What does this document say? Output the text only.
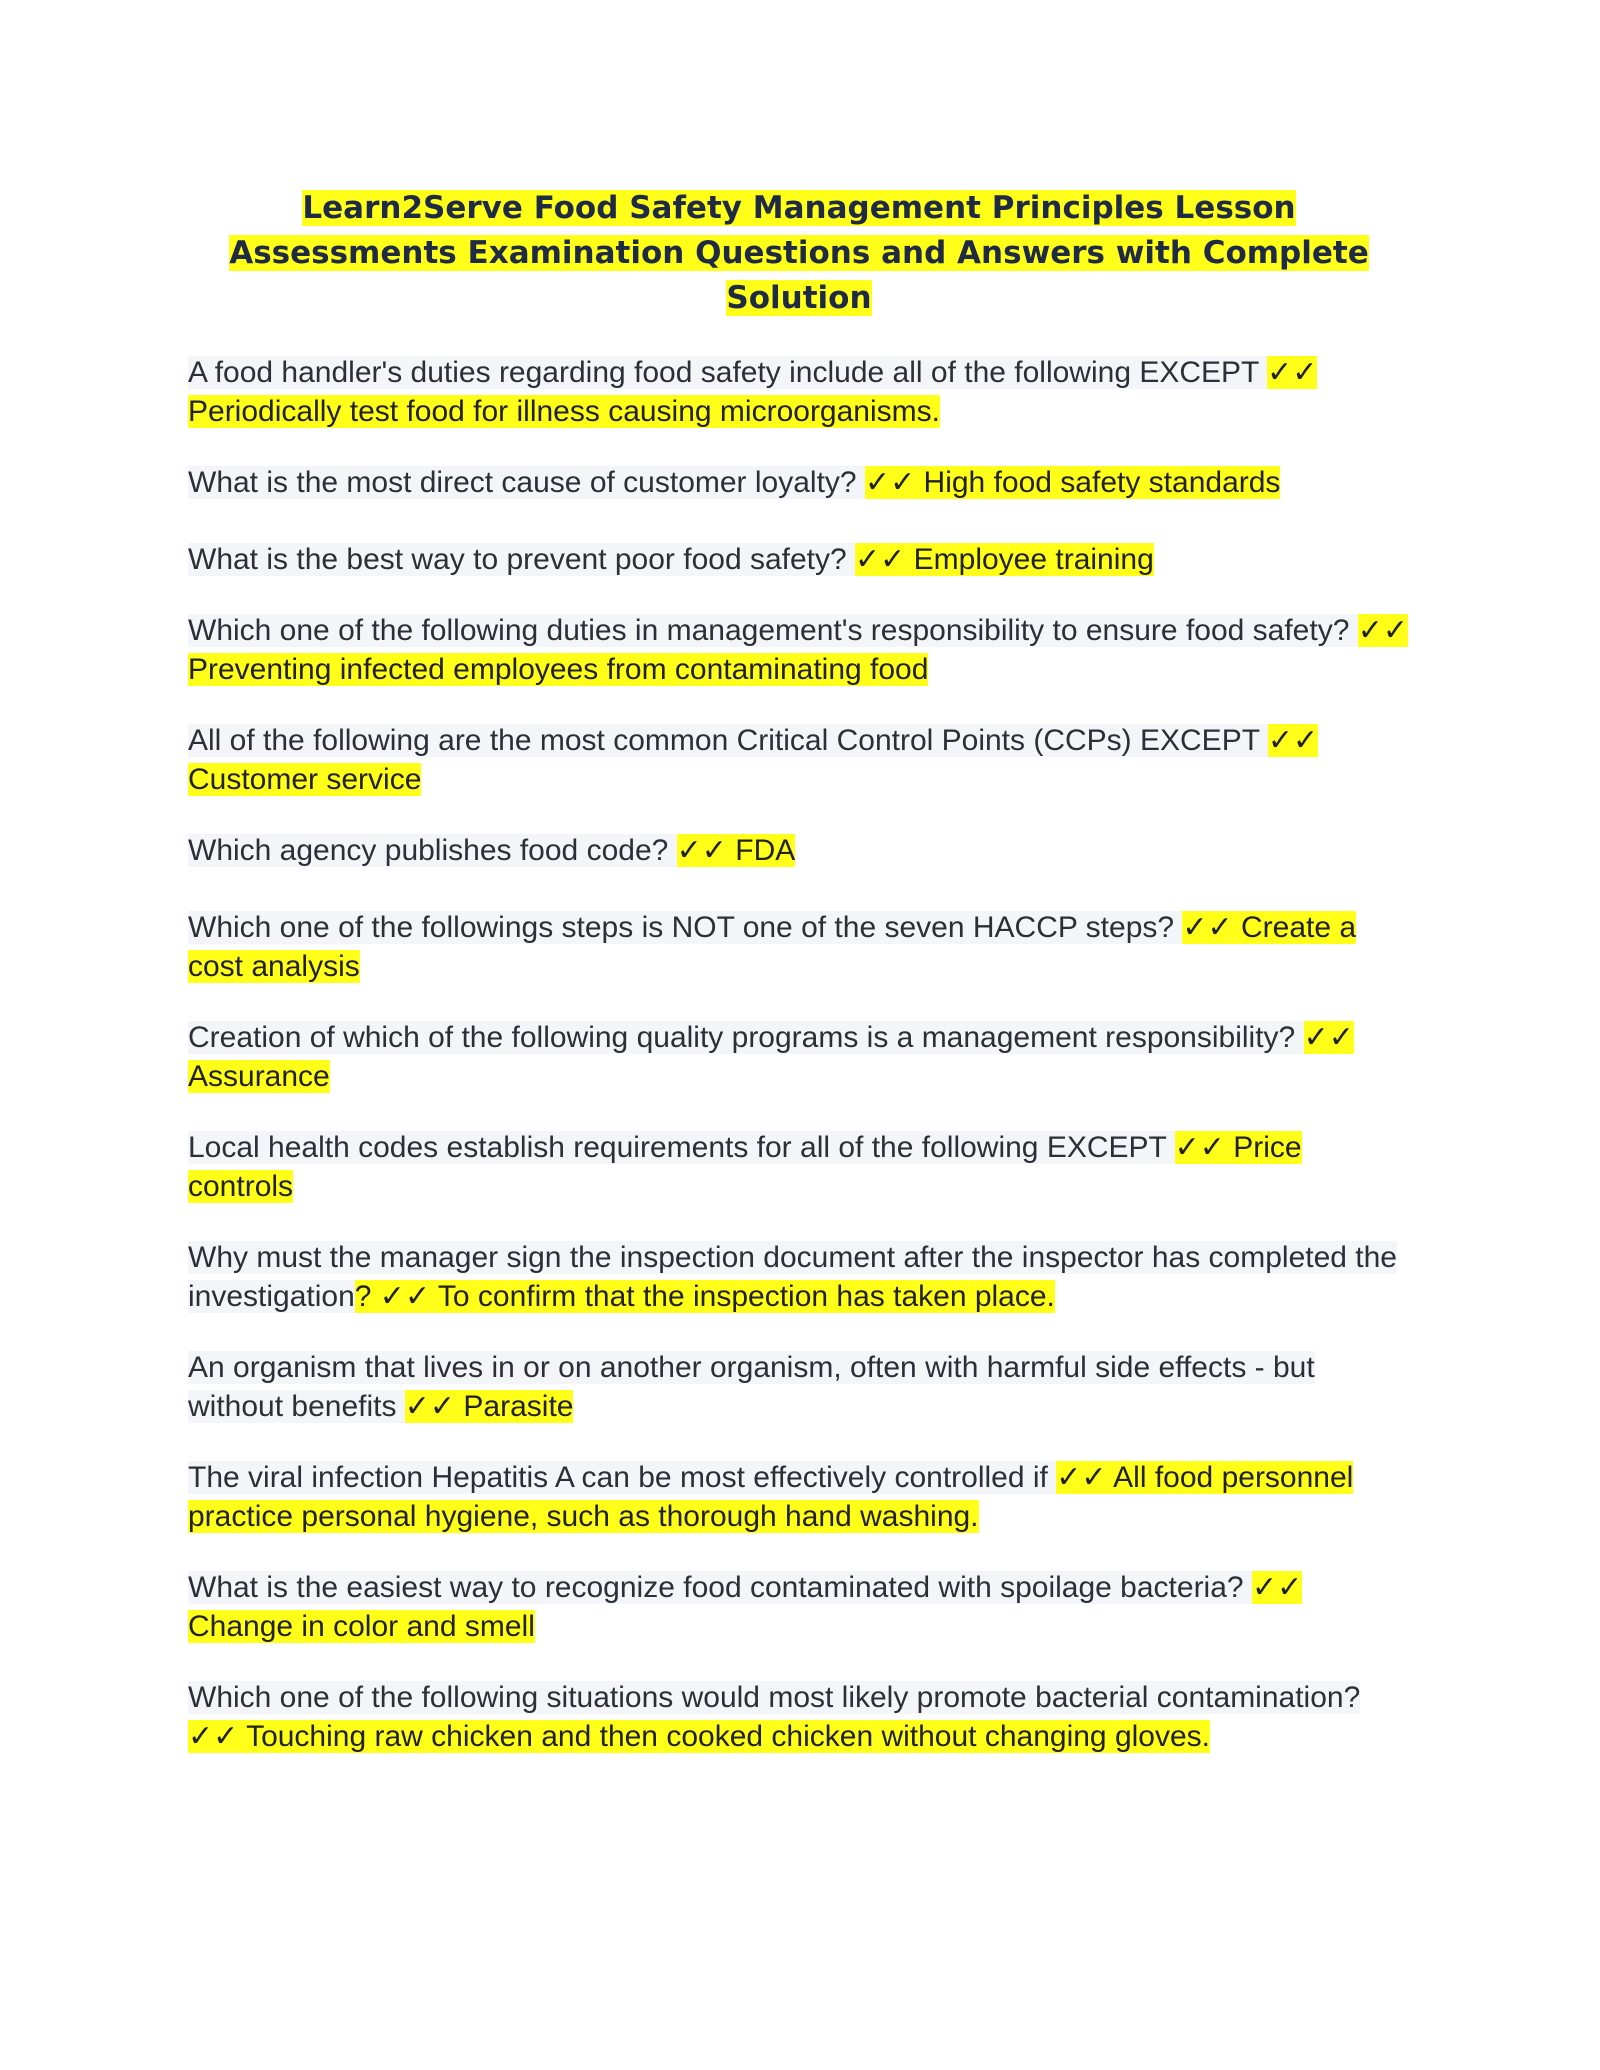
Learn2Serve Food Safety Management Principles Lesson Assessments Examination Questions and Answers with Complete Solution

A food handler's duties regarding food safety include all of the following EXCEPT ✓✓ Periodically test food for illness causing microorganisms.

What is the most direct cause of customer loyalty? ✓✓ High food safety standards

What is the best way to prevent poor food safety? ✓✓ Employee training

Which one of the following duties in management's responsibility to ensure food safety? ✓✓ Preventing infected employees from contaminating food

All of the following are the most common Critical Control Points (CCPs) EXCEPT ✓✓ Customer service

Which agency publishes food code? ✓✓ FDA

Which one of the followings steps is NOT one of the seven HACCP steps? ✓✓ Create a cost analysis

Creation of which of the following quality programs is a management responsibility? ✓✓ Assurance

Local health codes establish requirements for all of the following EXCEPT ✓✓ Price controls

Why must the manager sign the inspection document after the inspector has completed the investigation? ✓✓ To confirm that the inspection has taken place.

An organism that lives in or on another organism, often with harmful side effects - but without benefits ✓✓ Parasite

The viral infection Hepatitis A can be most effectively controlled if ✓✓ All food personnel practice personal hygiene, such as thorough hand washing.

What is the easiest way to recognize food contaminated with spoilage bacteria? ✓✓ Change in color and smell

Which one of the following situations would most likely promote bacterial contamination? ✓✓ Touching raw chicken and then cooked chicken without changing gloves.
